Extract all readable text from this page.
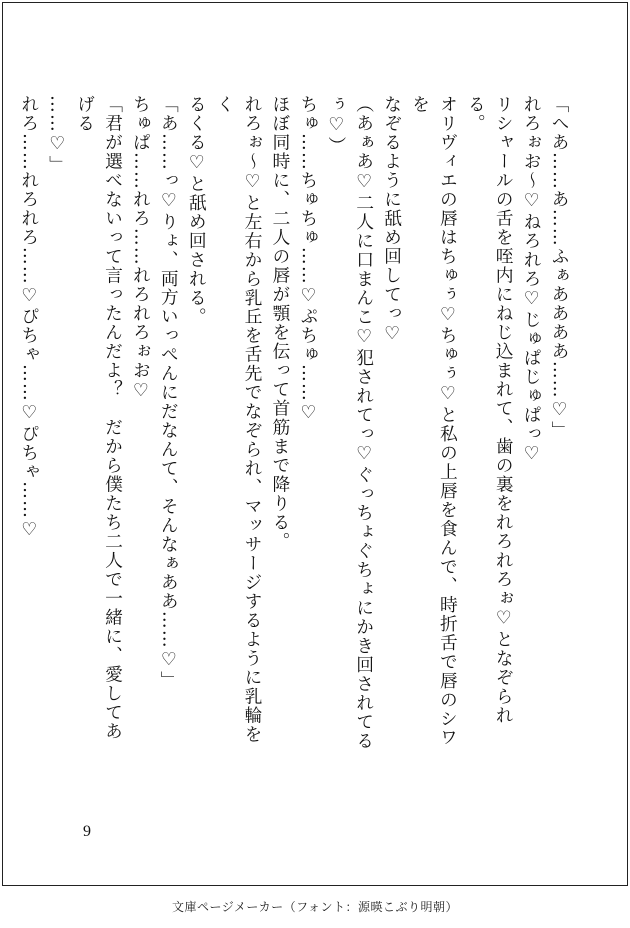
「へあ……あ……ふぁああああ……♡」

れろぉお～♡ねろれろ♡じゅぱじゅぱっ♡

リシャールの舌を咥内にねじ込まれて、歯の裏をれろれろぉ♡となぞられる。

オリヴィエの唇はちゅぅ♡ちゅぅ♡と私の上唇を食んで、時折舌で唇のシワを

なぞるように舐め回してっ♡

（あぁあ♡二人に口まんこ♡犯されてっ♡ぐっちょぐちょにかき回されてるぅ♡）

ちゅ……ちゅちゅ……♡ぷちゅ……♡

ほぼ同時に、二人の唇が顎を伝って首筋まで降りる。

れろぉ～♡と左右から乳丘を舌先でなぞられ、マッサージするように乳輪をく

るくる♡と舐め回される。

「あ……っ♡りょ、両方いっぺんにだなんて、そんなぁああ……♡」

ちゅぱ……れろ……れろれろぉお♡

「君が選べないって言ったんだよ？　だから僕たち二人で一緒に、愛してあげる

……♡」

れろ……れろれろ……♡ぴちゃ……♡ぴちゃ……♡

9
文庫ページメーカー（フォント：源暎こぶり明朝）
